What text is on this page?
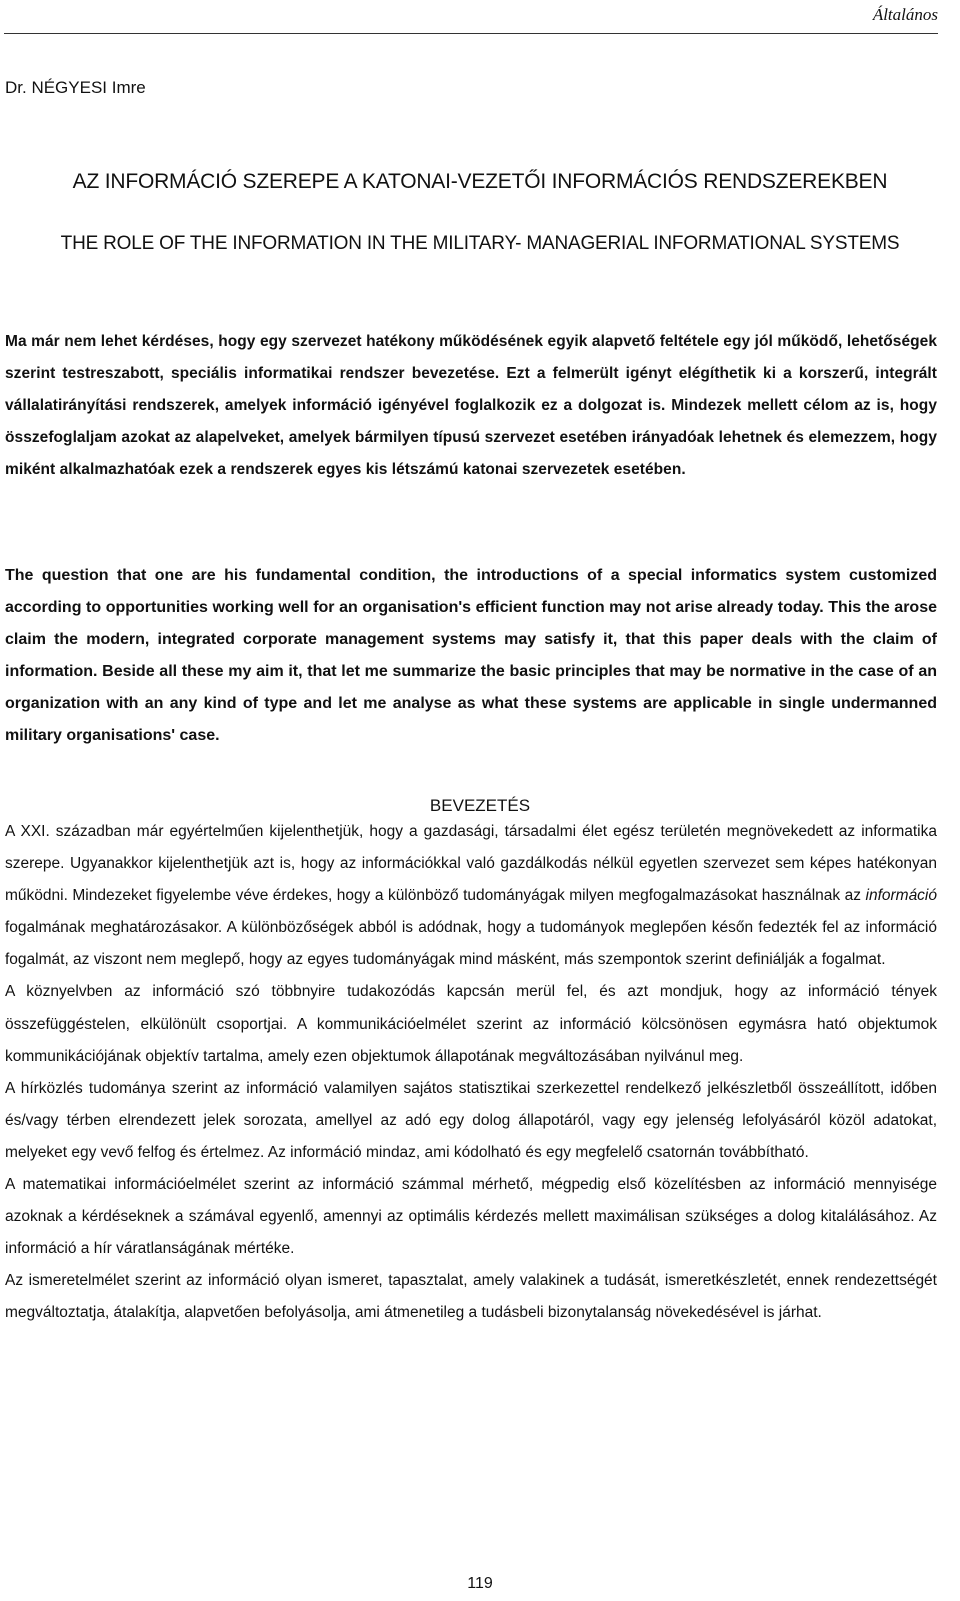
Általános
Dr. NÉGYESI Imre
AZ INFORMÁCIÓ SZEREPE A KATONAI-VEZETŐI INFORMÁCIÓS RENDSZEREKBEN
THE ROLE OF THE INFORMATION IN THE MILITARY- MANAGERIAL INFORMATIONAL SYSTEMS

Ma már nem lehet kérdéses, hogy egy szervezet hatékony működésének egyik alapvető feltétele egy jól működő, lehetőségek szerint testreszabott, speciális informatikai rendszer bevezetése. Ezt a felmerült igényt elégíthetik ki a korszerű, integrált vállalatirányítási rendszerek, amelyek információ igényével foglalkozik ez a dolgozat is. Mindezek mellett célom az is, hogy összefoglaljam azokat az alapelveket, amelyek bármilyen típusú szervezet esetében irányadóak lehetnek és elemezzem, hogy miként alkalmazhatóak ezek a rendszerek egyes kis létszámú katonai szervezetek esetében.

The question that one are his fundamental condition, the introductions of a special informatics system customized according to opportunities working well for an organisation's efficient function may not arise already today. This the arose claim the modern, integrated corporate management systems may satisfy it, that this paper deals with the claim of information. Beside all these my aim it, that let me summarize the basic principles that may be normative in the case of an organization with an any kind of type and let me analyse as what these systems are applicable in single undermanned military organisations' case.

BEVEZETÉS

A XXI. században már egyértelműen kijelenthetjük, hogy a gazdasági, társadalmi élet egész területén megnövekedett az informatika szerepe. Ugyanakkor kijelenthetjük azt is, hogy az információkkal való gazdálkodás nélkül egyetlen szervezet sem képes hatékonyan működni. Mindezeket figyelembe véve érdekes, hogy a különböző tudományágak milyen megfogalmazásokat használnak az információ fogalmának meghatározásakor. A különbözőségek abból is adódnak, hogy a tudományok meglepően későn fedezték fel az információ fogalmát, az viszont nem meglepő, hogy az egyes tudományágak mind másként, más szempontok szerint definiálják a fogalmat.

A köznyelvben az információ szó többnyire tudakozódás kapcsán merül fel, és azt mondjuk, hogy az információ tények összefüggéstelen, elkülönült csoportjai. A kommunikációelmélet szerint az információ kölcsönösen egymásra ható objektumok kommunikációjának objektív tartalma, amely ezen objektumok állapotának megváltozásában nyilvánul meg.

A hírközlés tudománya szerint az információ valamilyen sajátos statisztikai szerkezettel rendelkező jelkészletből összeállított, időben és/vagy térben elrendezett jelek sorozata, amellyel az adó egy dolog állapotáról, vagy egy jelenség lefolyásáról közöl adatokat, melyeket egy vevő felfog és értelmez. Az információ mindaz, ami kódolható és egy megfelelő csatornán továbbítható.

A matematikai információelmélet szerint az információ számmal mérhető, mégpedig első közelítésben az információ mennyisége azoknak a kérdéseknek a számával egyenlő, amennyi az optimális kérdezés mellett maximálisan szükséges a dolog kitalálásához. Az információ a hír váratlanságának mértéke.

Az ismeretelmélet szerint az információ olyan ismeret, tapasztalat, amely valakinek a tudását, ismeretkészletét, ennek rendezettségét megváltoztatja, átalakítja, alapvetően befolyásolja, ami átmenetileg a tudásbeli bizonytalanság növekedésével is járhat.

119
